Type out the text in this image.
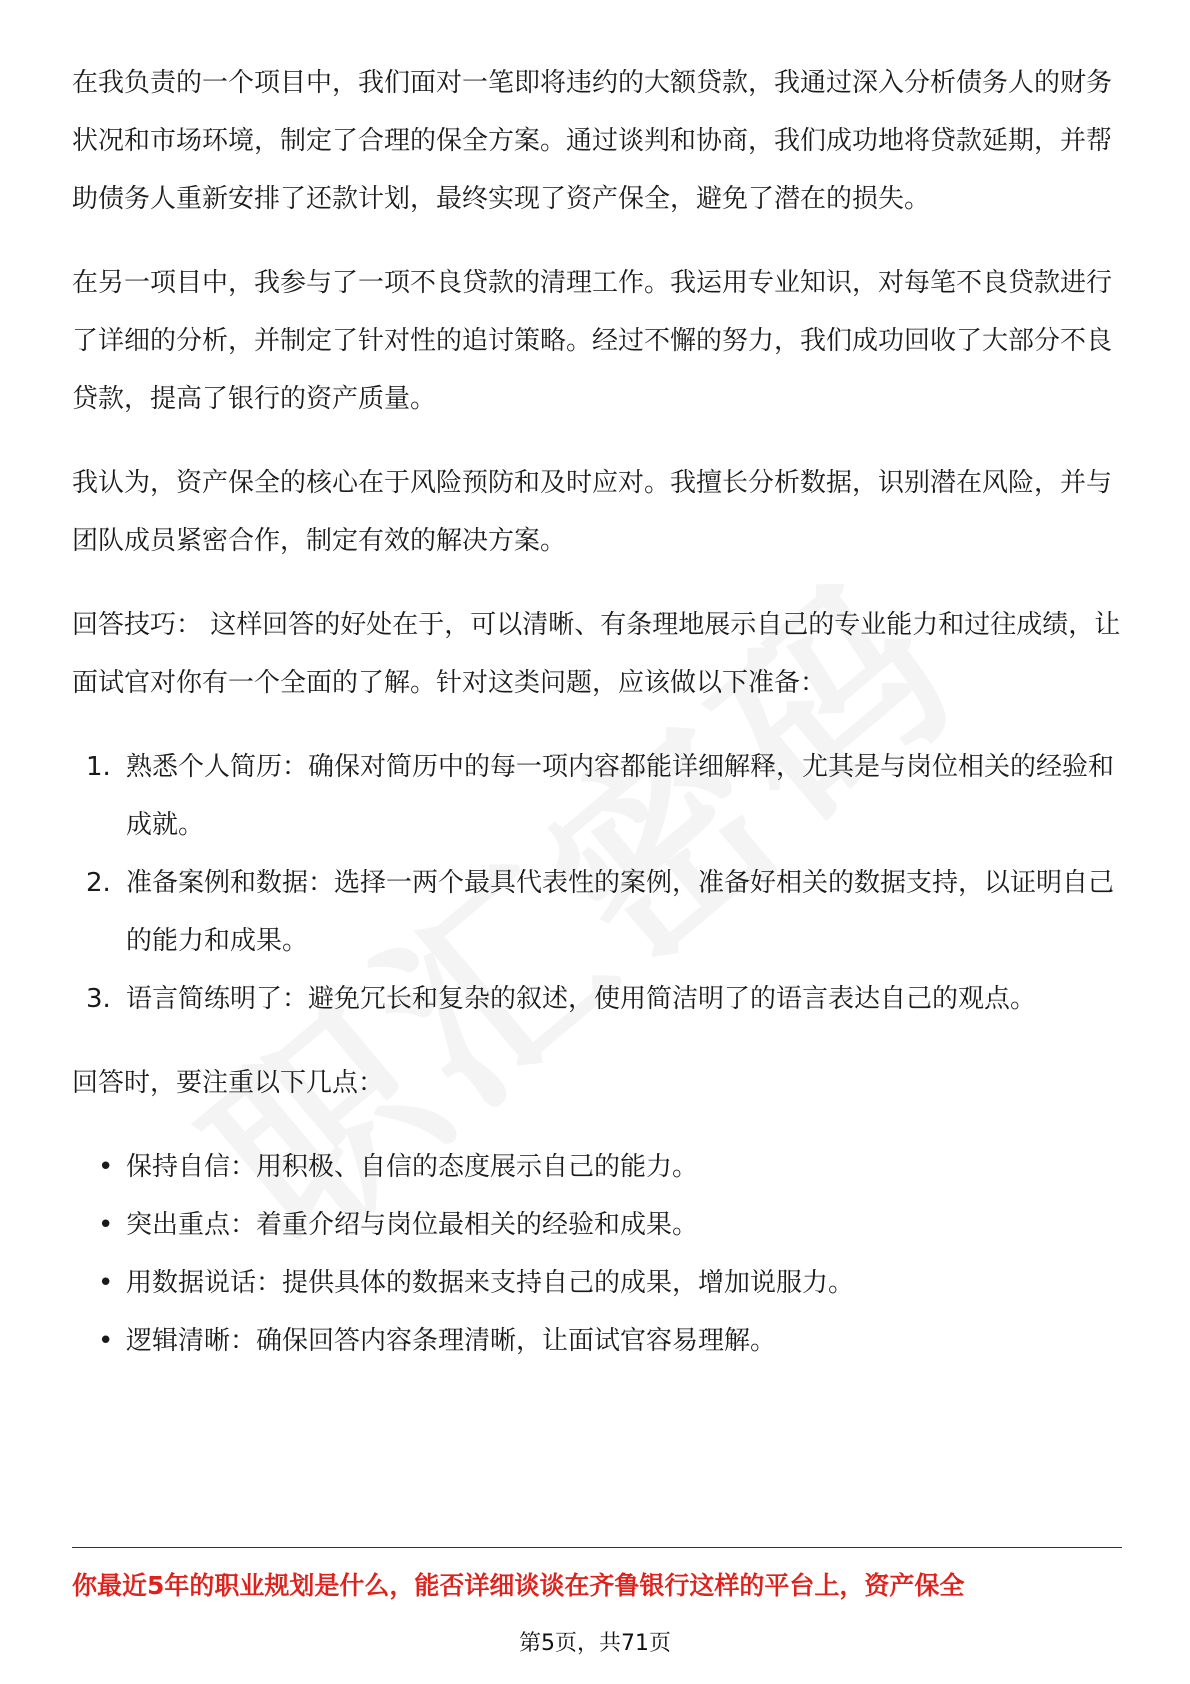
在我负责的一个项目中，我们面对一笔即将违约的大额贷款，我通过深入分析债务人的财务状况和市场环境，制定了合理的保全方案。通过谈判和协商，我们成功地将贷款延期，并帮助债务人重新安排了还款计划，最终实现了资产保全，避免了潜在的损失。

在另一项目中，我参与了一项不良贷款的清理工作。我运用专业知识，对每笔不良贷款进行了详细的分析，并制定了针对性的追讨策略。经过不懈的努力，我们成功回收了大部分不良贷款，提高了银行的资产质量。

我认为，资产保全的核心在于风险预防和及时应对。我擅长分析数据，识别潜在风险，并与团队成员紧密合作，制定有效的解决方案。

回答技巧： 这样回答的好处在于，可以清晰、有条理地展示自己的专业能力和过往成绩，让面试官对你有一个全面的了解。针对这类问题，应该做以下准备：

1. 熟悉个人简历：确保对简历中的每一项内容都能详细解释，尤其是与岗位相关的经验和成就。
2. 准备案例和数据：选择一两个最具代表性的案例，准备好相关的数据支持，以证明自己的能力和成果。
3. 语言简练明了：避免冗长和复杂的叙述，使用简洁明了的语言表达自己的观点。

回答时，要注重以下几点：

• 保持自信：用积极、自信的态度展示自己的能力。
• 突出重点：着重介绍与岗位最相关的经验和成果。
• 用数据说话：提供具体的数据来支持自己的成果，增加说服力。
• 逻辑清晰：确保回答内容条理清晰，让面试官容易理解。
你最近5年的职业规划是什么，能否详细谈谈在齐鲁银行这样的平台上，资产保全
第5页，共71页
